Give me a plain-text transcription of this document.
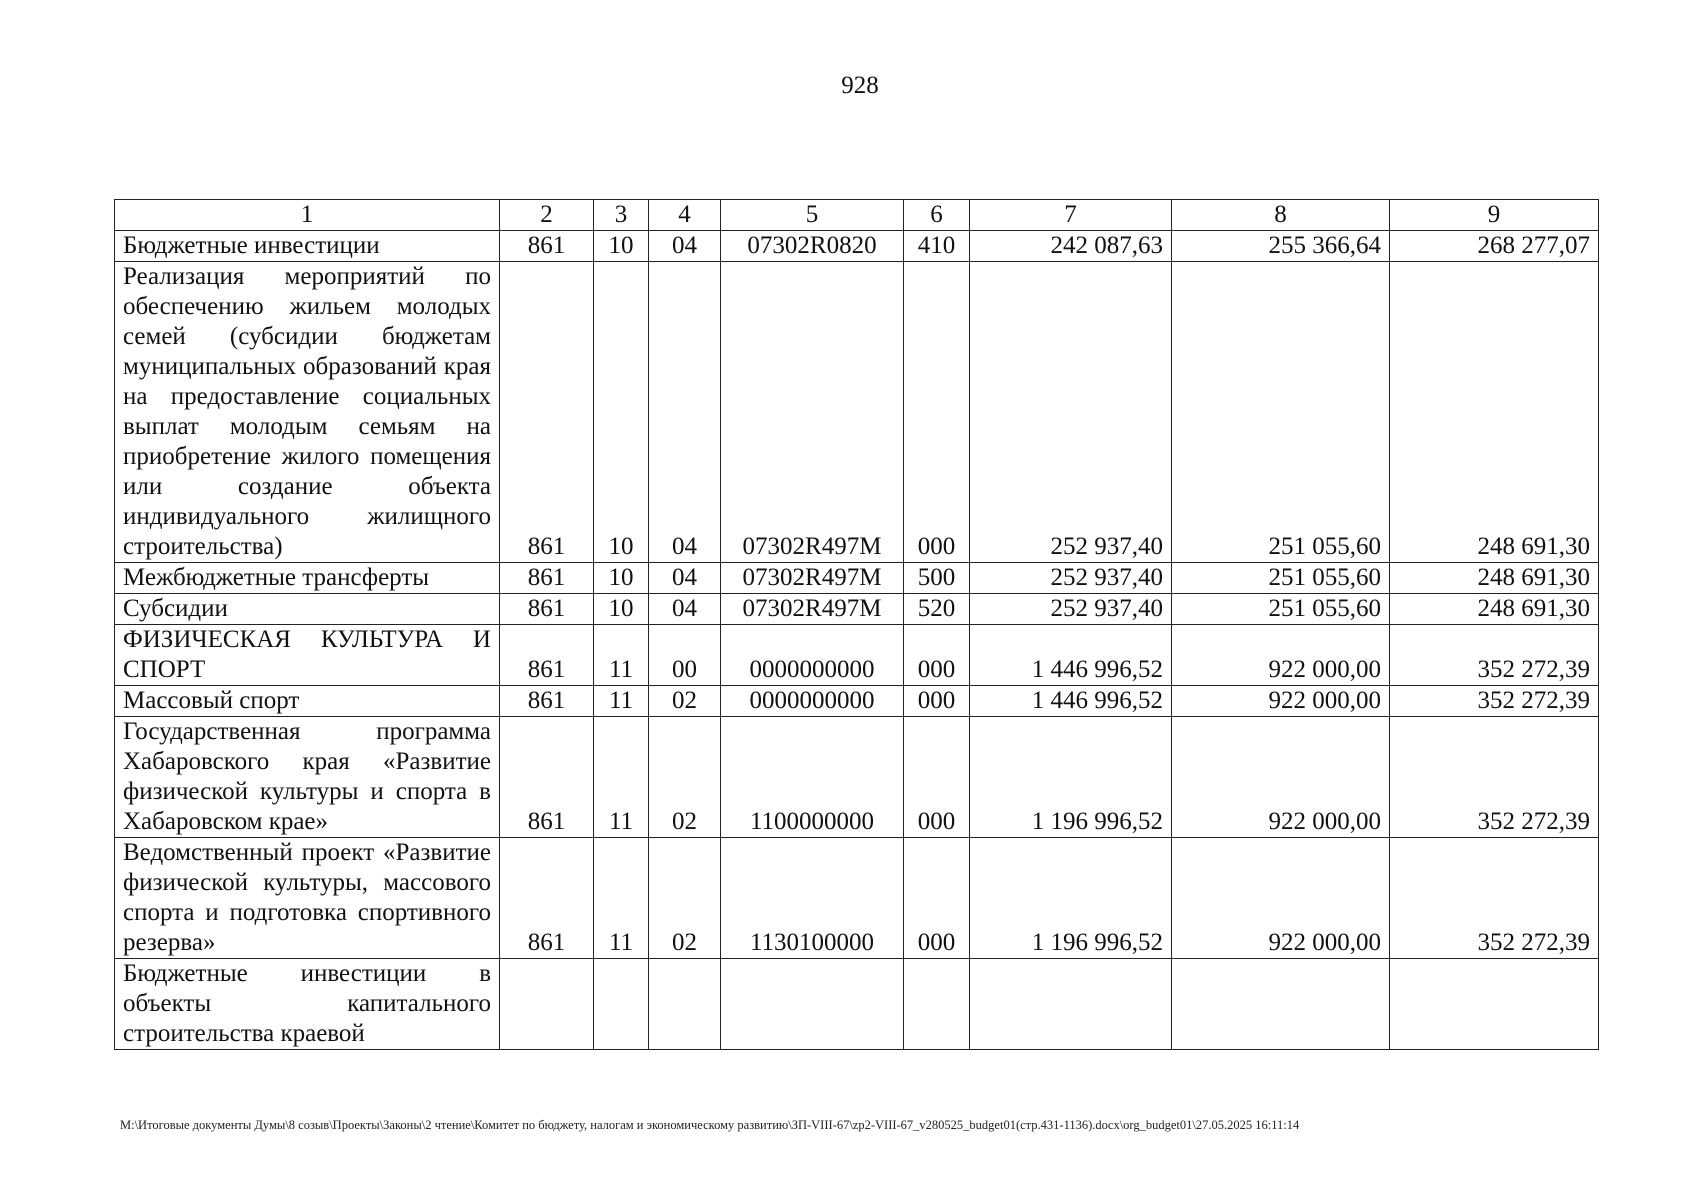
928
1	2	3	4	5	6	7	8	9
Бюджетные инвестиции	861	10	04	07302R0820	410	242 087,63	255 366,64	268 277,07
Реализация мероприятий по обеспечению жильем молодых семей (субсидии бюджетам муниципальных образований края на предоставление социальных выплат молодым семьям на приобретение жилого помещения или создание объекта индивидуального жилищного строительства)	861	10	04	07302R497M	000	252 937,40	251 055,60	248 691,30
Межбюджетные трансферты	861	10	04	07302R497M	500	252 937,40	251 055,60	248 691,30
Субсидии	861	10	04	07302R497M	520	252 937,40	251 055,60	248 691,30
ФИЗИЧЕСКАЯ КУЛЬТУРА И СПОРТ	861	11	00	0000000000	000	1 446 996,52	922 000,00	352 272,39
Массовый спорт	861	11	02	0000000000	000	1 446 996,52	922 000,00	352 272,39
Государственная программа Хабаровского края «Развитие физической культуры и спорта в Хабаровском крае»	861	11	02	1100000000	000	1 196 996,52	922 000,00	352 272,39
Ведомственный проект «Развитие физической культуры, массового спорта и подготовка спортивного резерва»	861	11	02	1130100000	000	1 196 996,52	922 000,00	352 272,39
Бюджетные инвестиции в объекты капитального строительства краевой								
М:\Итоговые документы Думы\8 созыв\Проекты\Законы\2 чтение\Комитет по бюджету, налогам и экономическому развитию\ЗП-VIII-67\zp2-VIII-67_v280525_budget01(стр.431-1136).docx\org_budget01\27.05.2025 16:11:14
